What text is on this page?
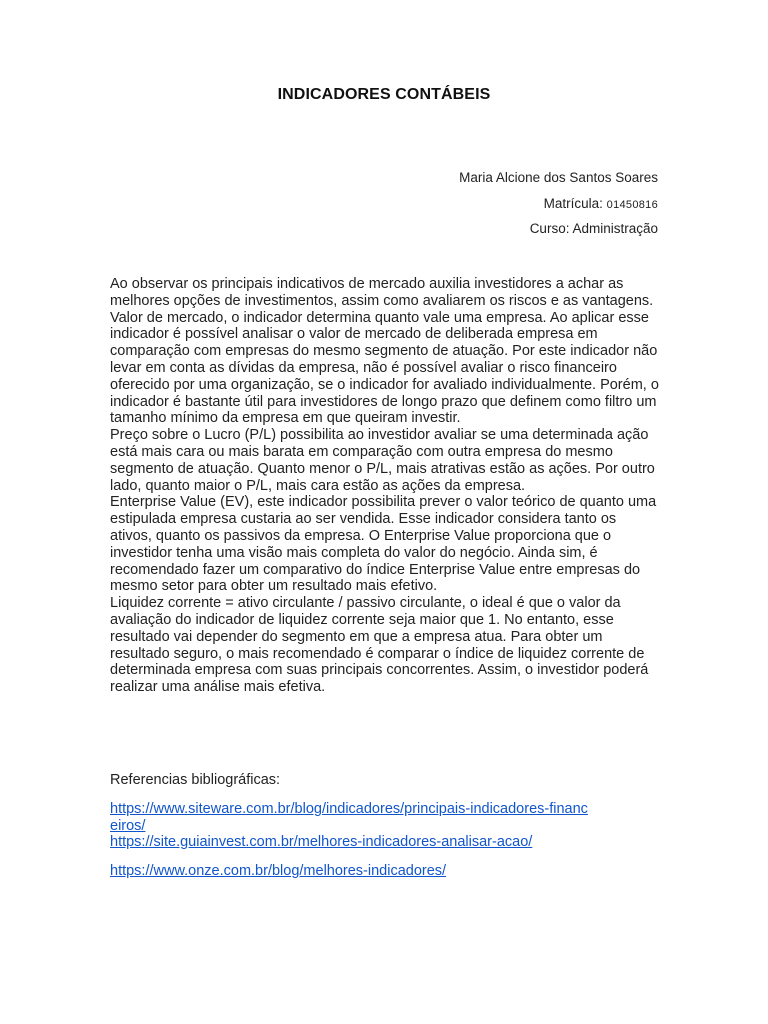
INDICADORES CONTÁBEIS
Maria Alcione dos Santos Soares
Matrícula: 01450816
Curso: Administração

Ao observar os principais indicativos de mercado auxilia investidores a achar as melhores opções de investimentos, assim como avaliarem os riscos e as vantagens.

Valor de mercado, o indicador determina quanto vale uma empresa. Ao aplicar esse indicador é possível analisar o valor de mercado de deliberada empresa em comparação com empresas do mesmo segmento de atuação. Por este indicador não levar em conta as dívidas da empresa, não é possível avaliar o risco financeiro oferecido por uma organização, se o indicador for avaliado individualmente. Porém, o indicador é bastante útil para investidores de longo prazo que definem como filtro um tamanho mínimo da empresa em que queiram investir.

Preço sobre o Lucro (P/L) possibilita ao investidor avaliar se uma determinada ação está mais cara ou mais barata em comparação com outra empresa do mesmo segmento de atuação. Quanto menor o P/L, mais atrativas estão as ações. Por outro lado, quanto maior o P/L, mais cara estão as ações da empresa.

Enterprise Value (EV), este indicador possibilita prever o valor teórico de quanto uma estipulada empresa custaria ao ser vendida. Esse indicador considera tanto os ativos, quanto os passivos da empresa. O Enterprise Value proporciona que o investidor tenha uma visão mais completa do valor do negócio. Ainda sim, é recomendado fazer um comparativo do índice Enterprise Value entre empresas do mesmo setor para obter um resultado mais efetivo.

Liquidez corrente = ativo circulante / passivo circulante, o ideal é que o valor da avaliação do indicador de liquidez corrente seja maior que 1. No entanto, esse resultado vai depender do segmento em que a empresa atua. Para obter um resultado seguro, o mais recomendado é comparar o índice de liquidez corrente de determinada empresa com suas principais concorrentes. Assim, o investidor poderá realizar uma análise mais efetiva.

Referencias bibliográficas:
https://www.siteware.com.br/blog/indicadores/principais-indicadores-financeiros/
https://site.guiainvest.com.br/melhores-indicadores-analisar-acao/
https://www.onze.com.br/blog/melhores-indicadores/
